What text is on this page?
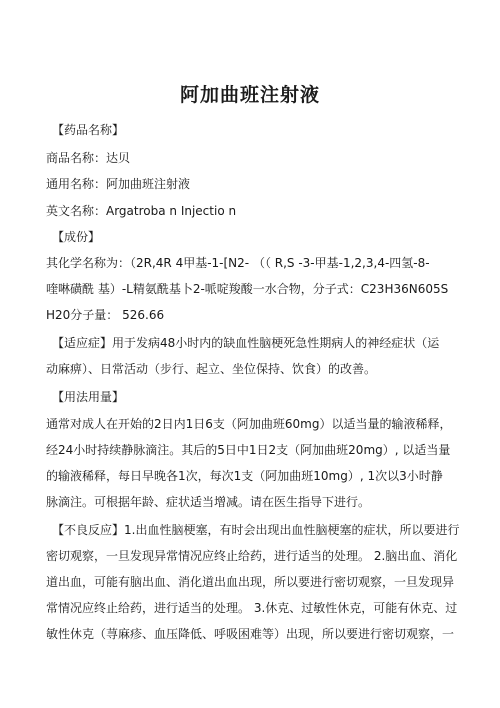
阿加曲班注射液
【药品名称】
商品名称：达贝
通用名称：阿加曲班注射液
英文名称：Argatroba n Injectio n
【成份】
其化学名称为：（2R,4R 4甲基-1-[N2- （（ R,S -3-甲基-1,2,3,4-四氢-8-
喹啉磺酰 基）-L精氨酰基卜2-哌啶羧酸一水合物，分子式：C23H36N605S
H20分子量： 526.66
【适应症】用于发病48小时内的缺血性脑梗死急性期病人的神经症状（运
动麻痹）、日常活动（步行、起立、坐位保持、饮食）的改善。
【用法用量】
通常对成人在开始的2日内1日6支（阿加曲班60mg）以适当量的输液稀释，
经24小时持续静脉滴注。其后的5日中1日2支（阿加曲班20mg）, 以适当量
的输液稀释，每日早晚各1次，每次1支（阿加曲班10mg）, 1次以3小时静
脉滴注。可根据年龄、症状适当增减。请在医生指导下进行。
【不良反应】1.出血性脑梗塞，有时会出现出血性脑梗塞的症状，所以要进行
密切观察，一旦发现异常情况应终止给药，进行适当的处理。 2.脑出血、消化
道出血，可能有脑出血、消化道出血出现，所以要进行密切观察，一旦发现异
常情况应终止给药，进行适当的处理。 3.休克、过敏性休克，可能有休克、过
敏性休克（荨麻疹、血压降低、呼吸困难等）出现，所以要进行密切观察，一
